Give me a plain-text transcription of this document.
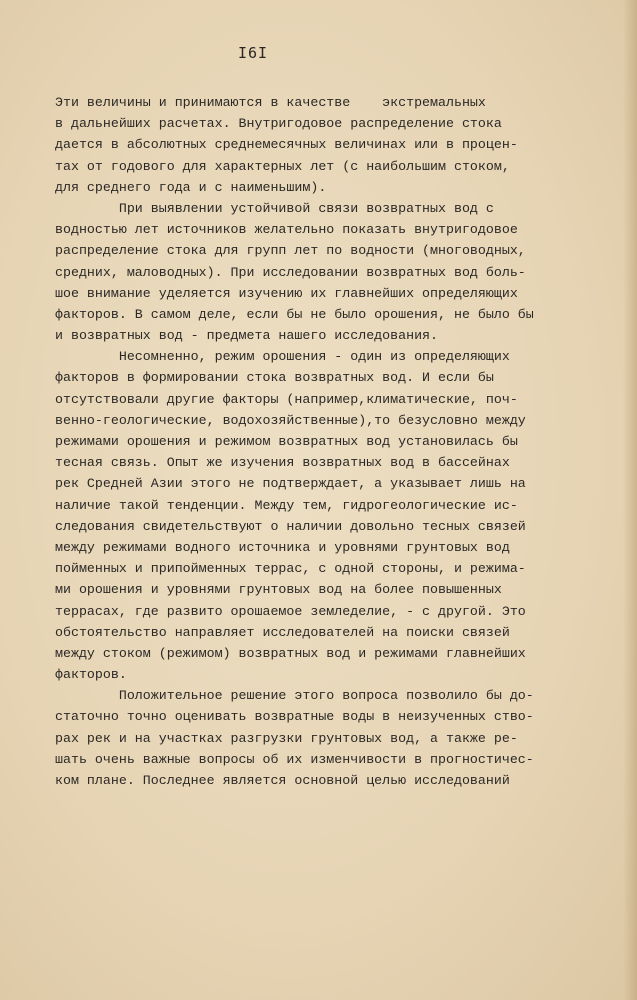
I6I
Эти величины и принимаются в качестве    экстремальных
в дальнейших расчетах. Внутригодовое распределение стока
дается в абсолютных среднемесячных величинах или в процен-
тах от годового для характерных лет (с наибольшим стоком,
для среднего года и с наименьшим).
При выявлении устойчивой связи возвратных вод с
водностью лет источников желательно показать внутригодовое
распределение стока для групп лет по водности (многоводных,
средних, маловодных). При исследовании возвратных вод боль-
шое внимание уделяется изучению их главнейших определяющих
факторов. В самом деле, если бы не было орошения, не было бы
и возвратных вод - предмета нашего исследования.
Несомненно, режим орошения - один из определяющих
факторов в формировании стока возвратных вод. И если бы
отсутствовали другие факторы (например,климатические, поч-
венно-геологические, водохозяйственные),то безусловно между
режимами орошения и режимом возвратных вод установилась бы
тесная связь. Опыт же изучения возвратных вод в бассейнах
рек Средней Азии этого не подтверждает, а указывает лишь на
наличие такой тенденции. Между тем, гидрогеологические ис-
следования свидетельствуют о наличии довольно тесных связей
между режимами водного источника и уровнями грунтовых вод
пойменных и припойменных террас, с одной стороны, и режима-
ми орошения и уровнями грунтовых вод на более повышенных
террасах, где развито орошаемое земледелие, - с другой. Это
обстоятельство направляет исследователей на поиски связей
между стоком (режимом) возвратных вод и режимами главнейших
факторов.
Положительное решение этого вопроса позволило бы до-
статочно точно оценивать возвратные воды в неизученных ство-
рах рек и на участках разгрузки грунтовых вод, а также ре-
шать очень важные вопросы об их изменчивости в прогностичес-
ком плане. Последнее является основной целью исследований
